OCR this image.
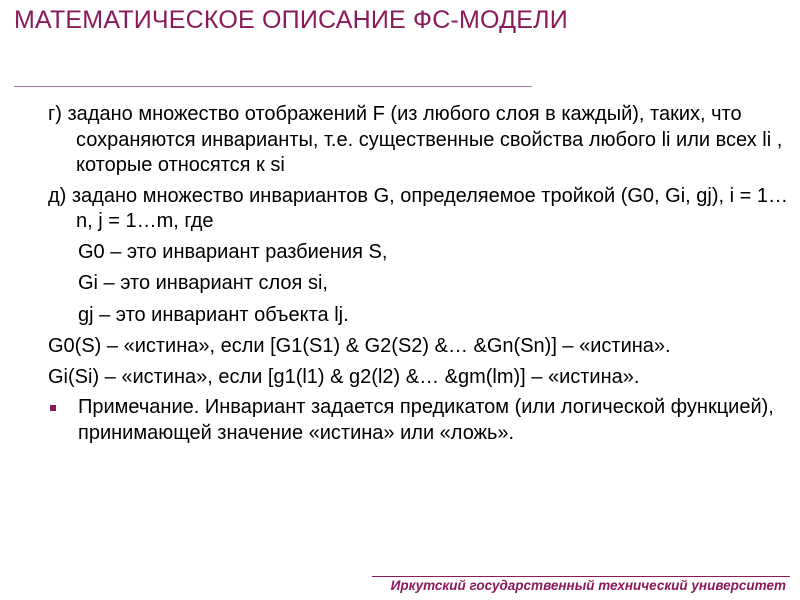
МАТЕМАТИЧЕСКОЕ ОПИСАНИЕ ФС-МОДЕЛИ
г) задано множество отображений F (из любого слоя в каждый), таких, что сохраняются инварианты, т.е. существенные свойства любого li или всех li , которые относятся к si
д) задано множество инвариантов G, определяемое тройкой (G0, Gi, gj), i = 1…n, j = 1…m, где
G0 – это инвариант разбиения S,
Gi – это инвариант слоя si,
gj – это инвариант объекта lj.
G0(S) – «истина», если [G1(S1) & G2(S2) &… &Gn(Sn)] – «истина».
Gi(Si) – «истина», если [g1(l1) & g2(l2) &… &gm(lm)] – «истина».
Примечание. Инвариант задается предикатом (или логической функцией), принимающей значение «истина» или «ложь».
Иркутский государственный технический университет
